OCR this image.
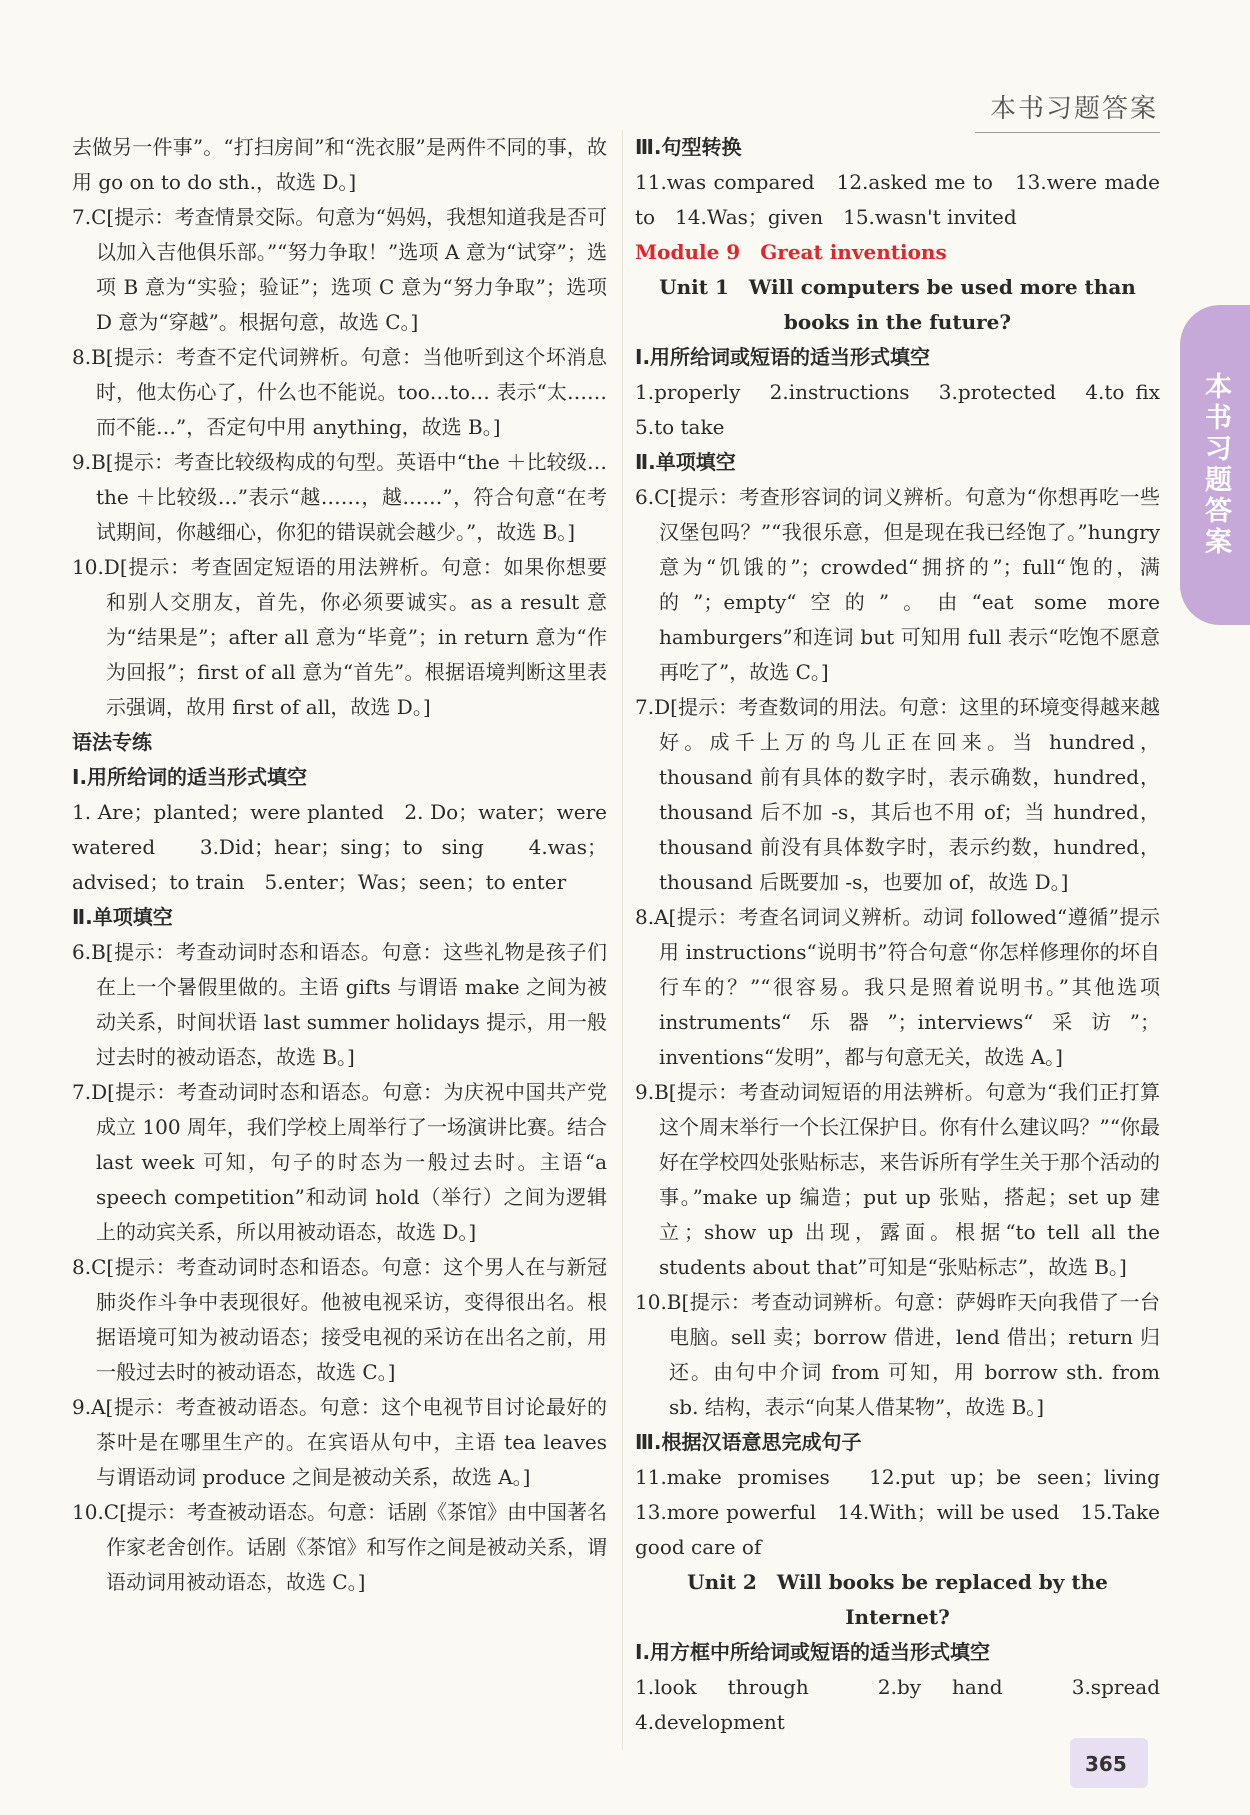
本书习题答案
本书习题答案

去做另一件事”。“打扫房间”和“洗衣服”是两件不同的事，故用 go on to do sth.，故选 D。]

7.C[提示：考查情景交际。句意为“妈妈，我想知道我是否可以加入吉他俱乐部。”“努力争取！”选项 A 意为“试穿”；选项 B 意为“实验；验证”；选项 C 意为“努力争取”；选项 D 意为“穿越”。根据句意，故选 C。]

8.B[提示：考查不定代词辨析。句意：当他听到这个坏消息时，他太伤心了，什么也不能说。too…to… 表示“太……而不能…”，否定句中用 anything，故选 B。]

9.B[提示：考查比较级构成的句型。英语中“the ＋比较级…the ＋比较级…”表示“越……，越……”，符合句意“在考试期间，你越细心，你犯的错误就会越少。”，故选 B。]

10.D[提示：考查固定短语的用法辨析。句意：如果你想要和别人交朋友，首先，你必须要诚实。as a result 意为“结果是”；after all 意为“毕竟”；in return 意为“作为回报”；first of all 意为“首先”。根据语境判断这里表示强调，故用 first of all，故选 D。]

语法专练

Ⅰ.用所给词的适当形式填空

1. Are；planted；were planted　2. Do；water；were watered　3.Did；hear；sing；to sing　4.was；advised；to train　5.enter；Was；seen；to enter

Ⅱ.单项填空

6.B[提示：考查动词时态和语态。句意：这些礼物是孩子们在上一个暑假里做的。主语 gifts 与谓语 make 之间为被动关系，时间状语 last summer holidays 提示，用一般过去时的被动语态，故选 B。]

7.D[提示：考查动词时态和语态。句意：为庆祝中国共产党成立 100 周年，我们学校上周举行了一场演讲比赛。结合 last week 可知，句子的时态为一般过去时。主语“a speech competition”和动词 hold（举行）之间为逻辑上的动宾关系，所以用被动语态，故选 D。]

8.C[提示：考查动词时态和语态。句意：这个男人在与新冠肺炎作斗争中表现很好。他被电视采访，变得很出名。根据语境可知为被动语态；接受电视的采访在出名之前，用一般过去时的被动语态，故选 C。]

9.A[提示：考查被动语态。句意：这个电视节目讨论最好的茶叶是在哪里生产的。在宾语从句中，主语 tea leaves 与谓语动词 produce 之间是被动关系，故选 A。]

10.C[提示：考查被动语态。句意：话剧《茶馆》由中国著名作家老舍创作。话剧《茶馆》和写作之间是被动关系，谓语动词用被动语态，故选 C。]

Ⅲ.句型转换

11.was compared　12.asked me to　13.were made to　14.Was；given　15.wasn't invited

Module 9　Great inventions

Unit 1　Will computers be used more than books in the future?

Ⅰ.用所给词或短语的适当形式填空

1.properly　2.instructions　3.protected　4.to fix　5.to take

Ⅱ.单项填空

6.C[提示：考查形容词的词义辨析。句意为“你想再吃一些汉堡包吗？”“我很乐意，但是现在我已经饱了。”hungry 意为“饥饿的”；crowded“拥挤的”；full“饱的，满的”；empty“空的”。由“eat some more hamburgers”和连词 but 可知用 full 表示“吃饱不愿意再吃了”，故选 C。]

7.D[提示：考查数词的用法。句意：这里的环境变得越来越好。成千上万的鸟儿正在回来。当 hundred，thousand 前有具体的数字时，表示确数，hundred，thousand 后不加 -s，其后也不用 of；当 hundred，thousand 前没有具体数字时，表示约数，hundred，thousand 后既要加 -s，也要加 of，故选 D。]

8.A[提示：考查名词词义辨析。动词 followed“遵循”提示用 instructions“说明书”符合句意“你怎样修理你的坏自行车的？”“很容易。我只是照着说明书。”其他选项 instruments“乐器”；interviews“采访”；inventions“发明”，都与句意无关，故选 A。]

9.B[提示：考查动词短语的用法辨析。句意为“我们正打算这个周末举行一个长江保护日。你有什么建议吗？”“你最好在学校四处张贴标志，来告诉所有学生关于那个活动的事。”make up 编造；put up 张贴，搭起；set up 建立；show up 出现，露面。根据“to tell all the students about that”可知是“张贴标志”，故选 B。]

10.B[提示：考查动词辨析。句意：萨姆昨天向我借了一台电脑。sell 卖；borrow 借进，lend 借出；return 归还。由句中介词 from 可知，用 borrow sth. from sb. 结构，表示“向某人借某物”，故选 B。]

Ⅲ.根据汉语意思完成句子

11.make promises　12.put up；be seen；living　13.more powerful　14.With；will be used　15.Take good care of

Unit 2　Will books be replaced by the Internet?

Ⅰ.用方框中所给词或短语的适当形式填空

1.look through　2.by hand　3.spread　4.development

365
